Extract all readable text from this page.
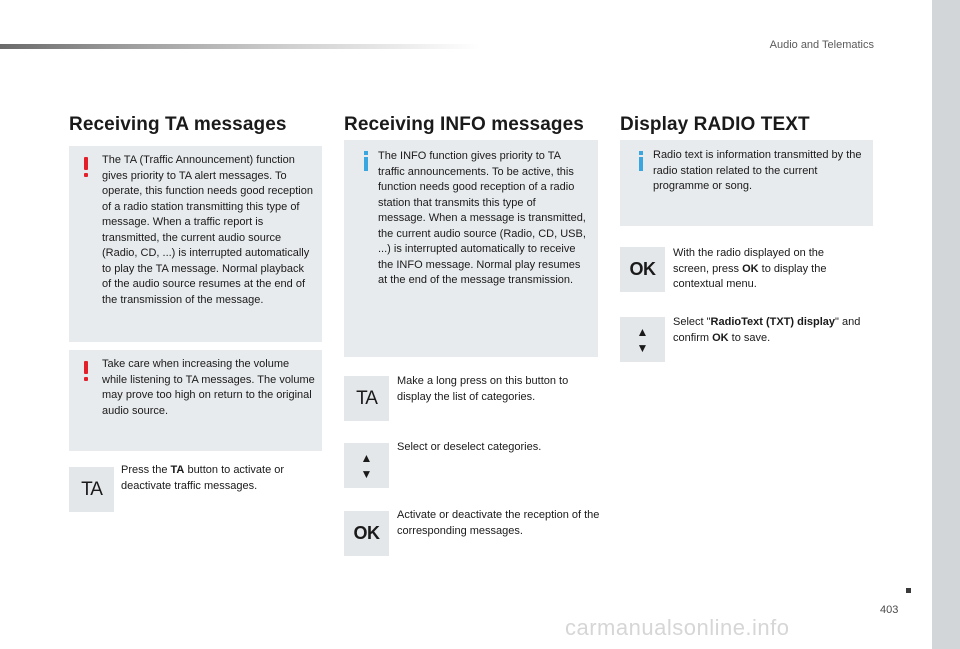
Audio and Telematics
Receiving TA messages

The TA (Traffic Announcement) function gives priority to TA alert messages. To operate, this function needs good reception of a radio station transmitting this type of message. When a traffic report is transmitted, the current audio source (Radio, CD, ...) is interrupted automatically to play the TA message. Normal playback of the audio source resumes at the end of the transmission of the message.

Take care when increasing the volume while listening to TA messages. The volume may prove too high on return to the original audio source.

TA
Press the TA button to activate or deactivate traffic messages.
Receiving INFO messages

The INFO function gives priority to TA traffic announcements. To be active, this function needs good reception of a radio station that transmits this type of message. When a message is transmitted, the current audio source (Radio, CD, USB, ...) is interrupted automatically to receive the INFO message. Normal play resumes at the end of the message transmission.

TA
Make a long press on this button to display the list of categories.
▲
▼
Select or deselect categories.
OK
Activate or deactivate the reception of the corresponding messages.
Display RADIO TEXT

Radio text is information transmitted by the radio station related to the current programme or song.

OK
With the radio displayed on the screen, press OK to display the contextual menu.
▲
▼
Select "RadioText (TXT) display" and confirm OK to save.
403
carmanualsonline.info
